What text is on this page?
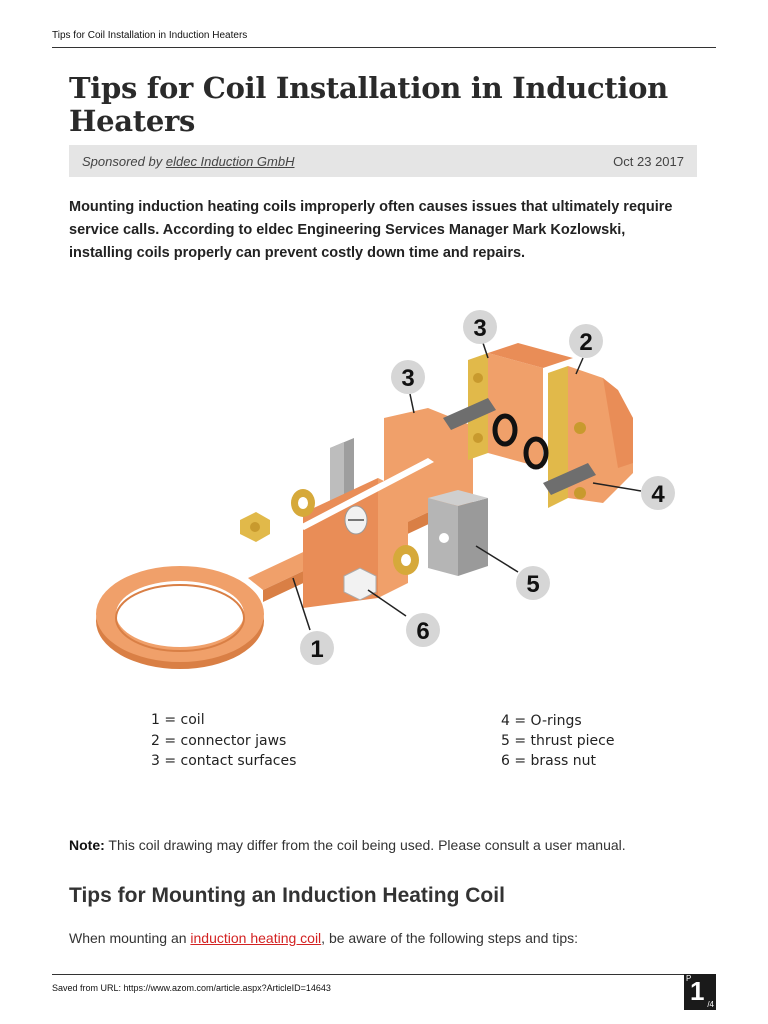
Tips for Coil Installation in Induction Heaters
Tips for Coil Installation in Induction Heaters
Sponsored by eldec Induction GmbH	Oct 23 2017

Mounting induction heating coils improperly often causes issues that ultimately require service calls. According to eldec Engineering Services Manager Mark Kozlowski, installing coils properly can prevent costly down time and repairs.

1
2
3
3
4
5
6
1 = coil
2 = connector jaws
3 = contact surfaces
4 = O-rings
5 = thrust piece
6 = brass nut

Note: This coil drawing may differ from the coil being used. Please consult a user manual.

Tips for Mounting an Induction Heating Coil

When mounting an induction heating coil, be aware of the following steps and tips:

Saved from URL: https://www.azom.com/article.aspx?ArticleID=14643
P
1 /4
